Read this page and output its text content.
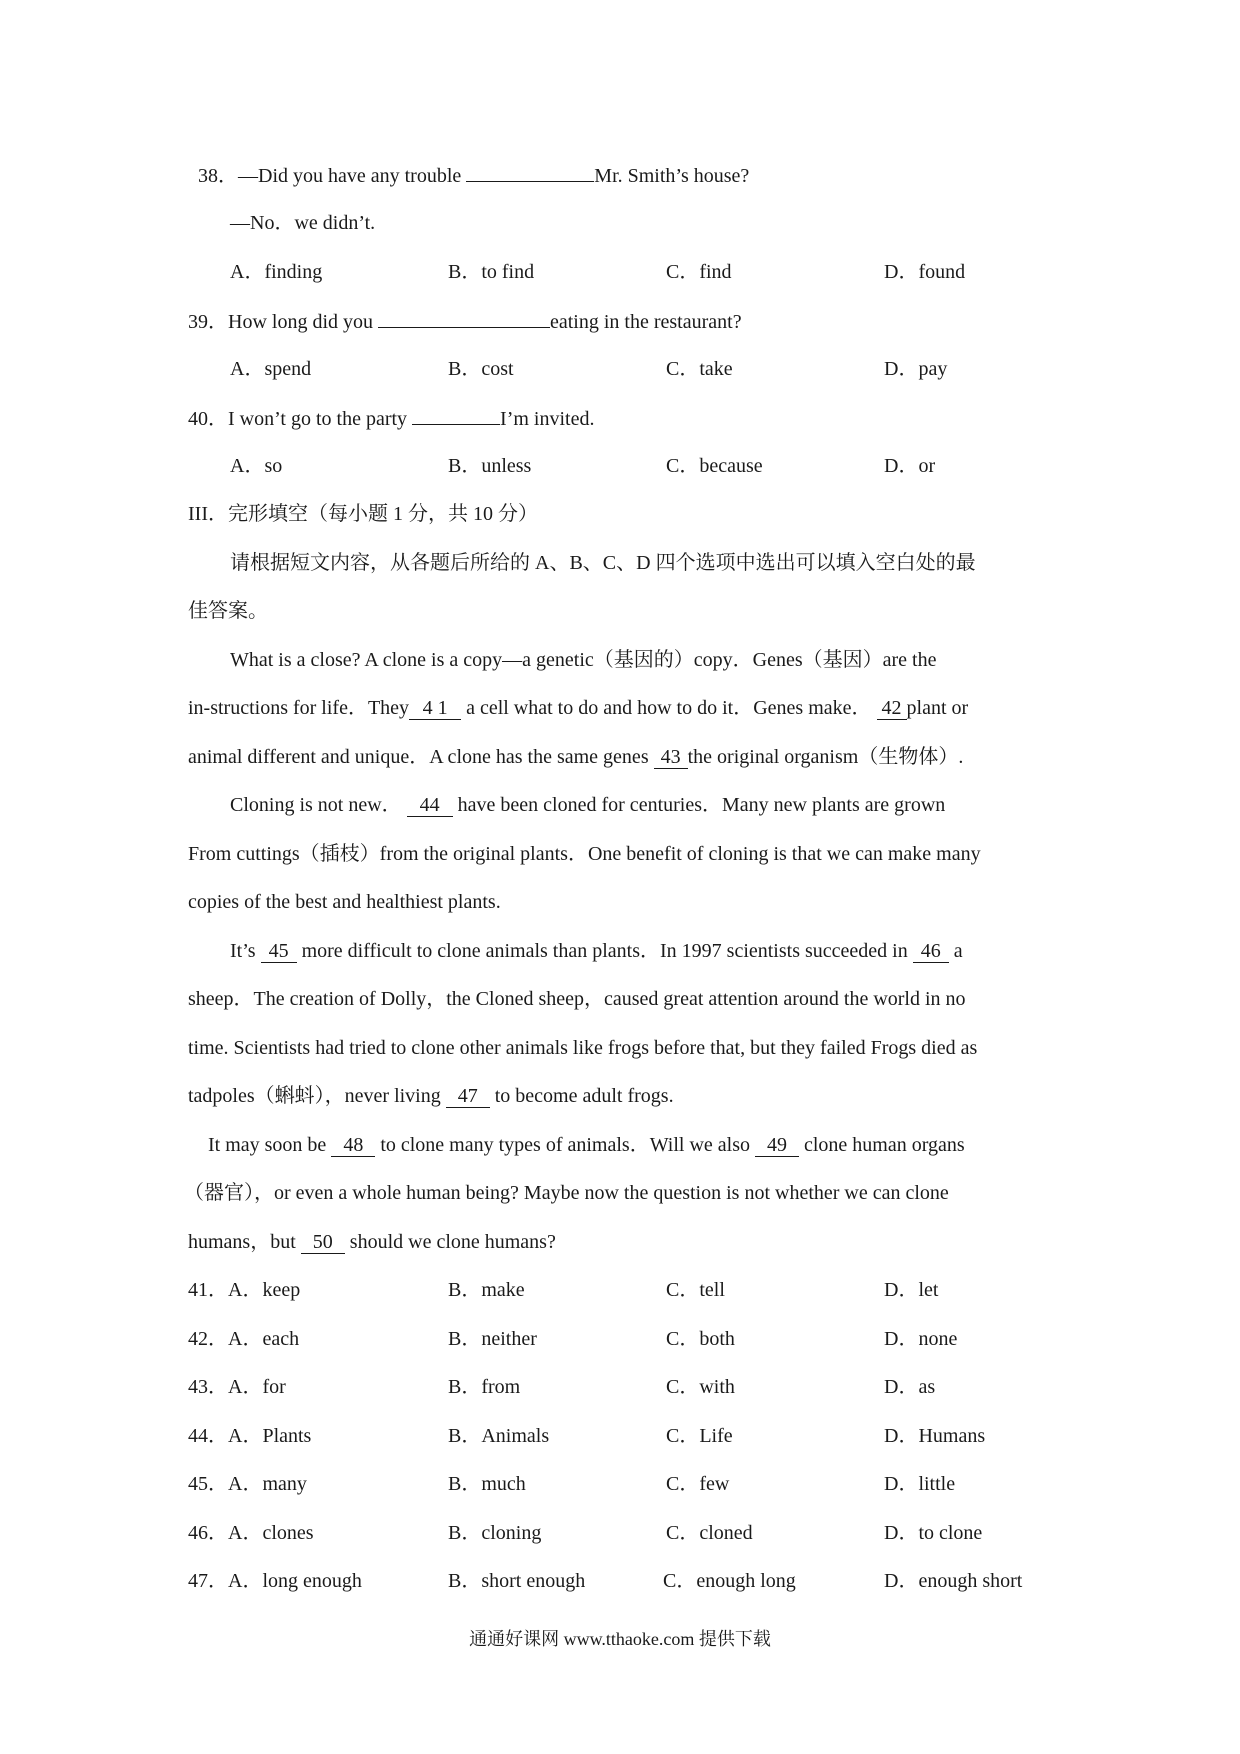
38．—Did you have any trouble	Mr. Smith’s house?
—No．we didn’t.
A．finding	B．to find	C．find	D．found
39．How long did you	eating in the restaurant?
A．spend	B．cost	C．take	D．pay
40．I won’t go to the party	I’m invited.
A．so	B．unless	C．because	D．or
III．完形填空（每小题 1 分，共 10 分）
请根据短文内容，从各题后所给的 A、B、C、D 四个选项中选出可以填入空白处的最
佳答案。
What is a close? A clone is a copy—a genetic（基因的）copy．Genes（基因）are the
in-structions for life．They 4 1 a cell what to do and how to do it．Genes make． 42 plant or
animal different and unique．A clone has the same genes 43 the original organism（生物体）.
Cloning is not new． 44 have been cloned for centuries．Many new plants are grown
From cuttings（插枝）from the original plants．One benefit of cloning is that we can make many
copies of the best and healthiest plants.
It’s 45 more difficult to clone animals than plants．In 1997 scientists succeeded in 46 a
sheep．The creation of Dolly，the Cloned sheep，caused great attention around the world in no
time. Scientists had tried to clone other animals like frogs before that, but they failed Frogs died as
tadpoles（蝌蚪），never living 47 to become adult frogs.
It may soon be 48 to clone many types of animals．Will we also 49 clone human organs
（器官），or even a whole human being? Maybe now the question is not whether we can clone
humans，but 50 should we clone humans?
41．A．keep	B．make	C．tell	D．let
42．A．each	B．neither	C．both	D．none
43．A．for	B．from	C．with	D．as
44．A．Plants	B．Animals	C．Life	D．Humans
45．A．many	B．much	C．few	D．little
46．A．clones	B．cloning	C．cloned	D．to clone
47．A．long enough	B．short enough	C．enough long	D．enough short
通通好课网 www.tthaoke.com 提供下载
